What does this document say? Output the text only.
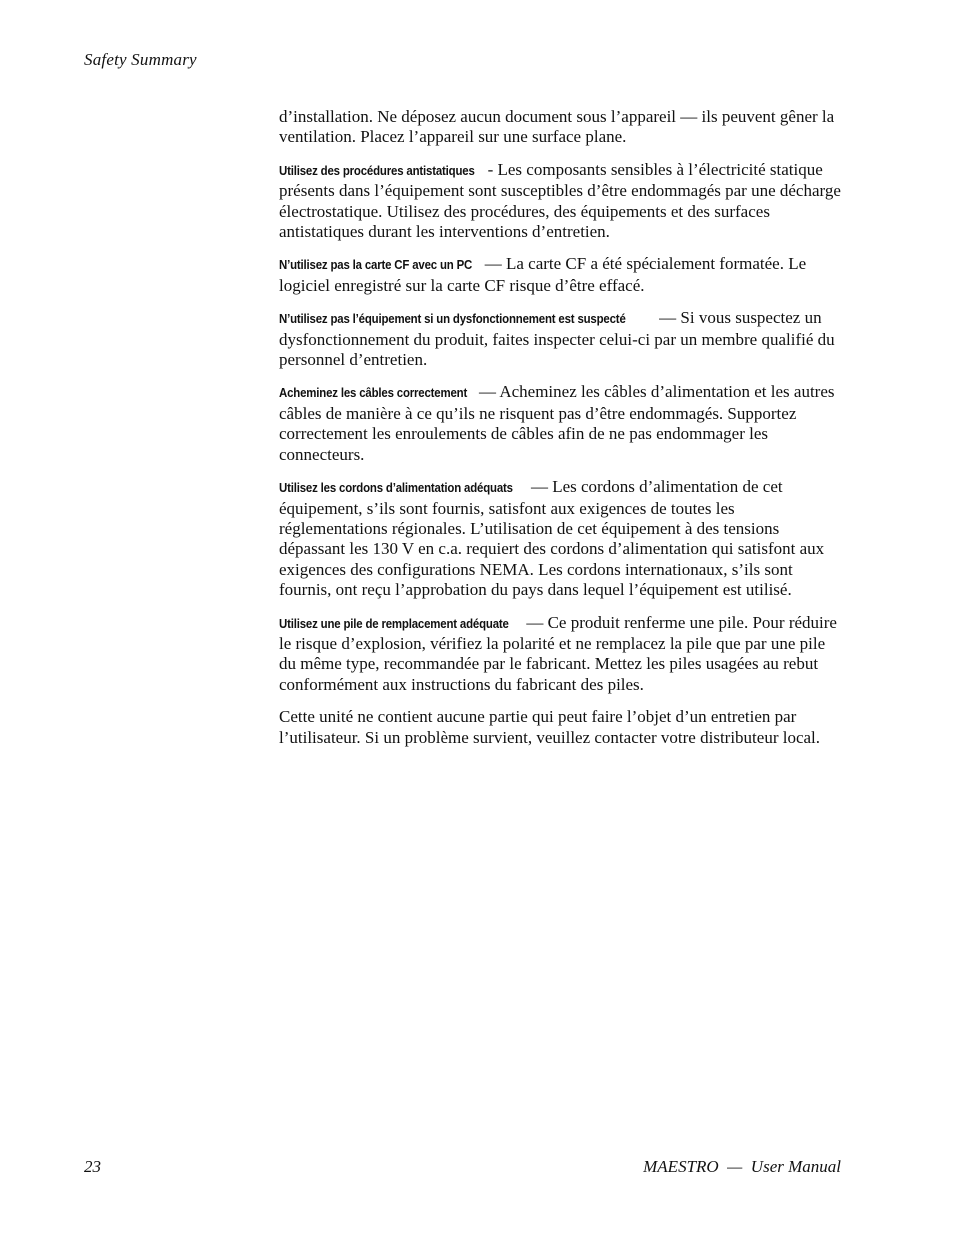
Safety Summary

d’installation. Ne déposez aucun document sous l’appareil — ils peuvent gêner la ventilation. Placez l’appareil sur une surface plane.

Utilisez des procédures antistatiques - Les composants sensibles à l’électricité statique présents dans l’équipement sont susceptibles d’être endommagés par une décharge électrostatique. Utilisez des procédures, des équipements et des surfaces antistatiques durant les interventions d’entretien.

N’utilisez pas la carte CF avec un PC — La carte CF a été spécialement formatée. Le logiciel enregistré sur la carte CF risque d’être effacé.

N’utilisez pas l’équipement si un dysfonctionnement est suspecté — Si vous suspectez un dysfonctionnement du produit, faites inspecter celui-ci par un membre qualifié du personnel d’entretien.

Acheminez les câbles correctement — Acheminez les câbles d’alimentation et les autres câbles de manière à ce qu’ils ne risquent pas d’être endommagés. Supportez correctement les enroulements de câbles afin de ne pas endommager les connecteurs.

Utilisez les cordons d’alimentation adéquats — Les cordons d’alimentation de cet équipement, s’ils sont fournis, satisfont aux exigences de toutes les réglementations régionales. L’utilisation de cet équipement à des tensions dépassant les 130 V en c.a. requiert des cordons d’alimentation qui satisfont aux exigences des configurations NEMA. Les cordons internationaux, s’ils sont fournis, ont reçu l’approbation du pays dans lequel l’équipement est utilisé.

Utilisez une pile de remplacement adéquate — Ce produit renferme une pile. Pour réduire le risque d’explosion, vérifiez la polarité et ne remplacez la pile que par une pile du même type, recommandée par le fabricant. Mettez les piles usagées au rebut conformément aux instructions du fabricant des piles.

Cette unité ne contient aucune partie qui peut faire l’objet d’un entretien par l’utilisateur. Si un problème survient, veuillez contacter votre distributeur local.

23	MAESTRO  —  User Manual
